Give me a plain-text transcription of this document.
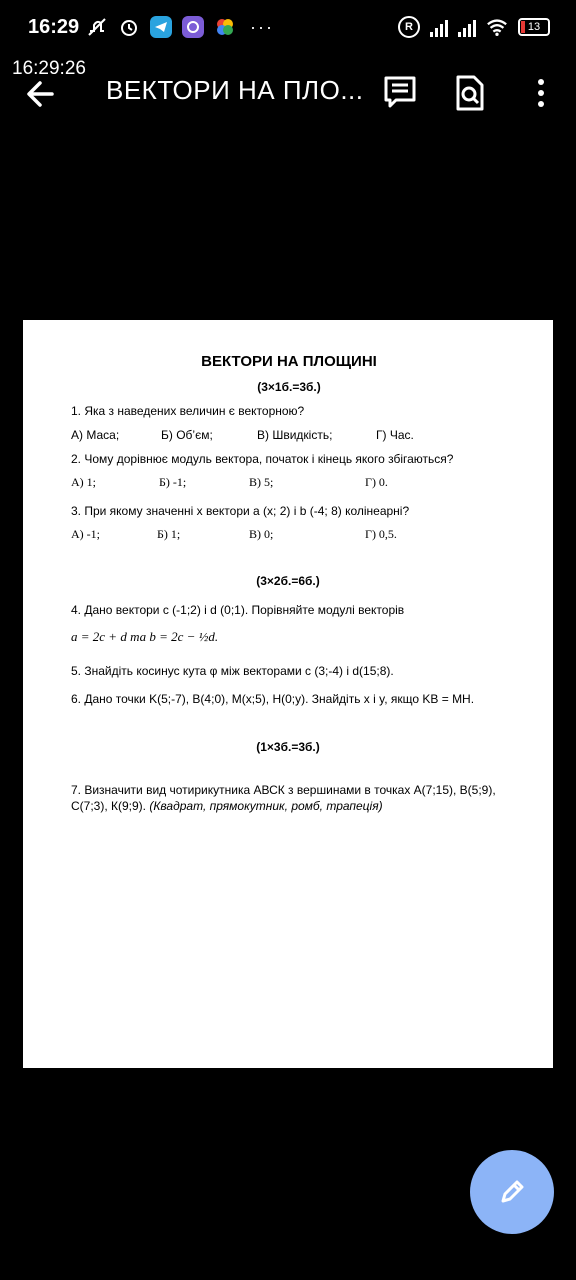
16:29	···	R	13
16:29:26
ВЕКТОРИ НА ПЛО...
ВЕКТОРИ НА ПЛОЩИНІ
(3×1б.=3б.)
1. Яка з наведених величин є векторною?
А) Маса;	Б) Об’єм;	В) Швидкість;	Г) Час.
2. Чому дорівнює модуль вектора, початок і кінець якого збігаються?
А) 1;	Б) -1;	В) 5;	Г) 0.
3. При якому значенні x вектори a (x; 2) і b (-4; 8) колінеарні?
А) -1;	Б) 1;	В) 0;	Г) 0,5.
(3×2б.=6б.)
4. Дано вектори c (-1;2) і d (0;1). Порівняйте модулі векторів
a = 2c + d та b = 2c − ½d.
5. Знайдіть косинус кута φ між векторами c (3;-4) і d(15;8).
6. Дано точки K(5;-7), B(4;0), M(x;5), H(0;y). Знайдіть x і y, якщо KB = MH.
(1×3б.=3б.)
7. Визначити вид чотирикутника АВСК з вершинами в точках А(7;15), В(5;9), С(7;3), К(9;9). (Квадрат, прямокутник, ромб, трапеція)
